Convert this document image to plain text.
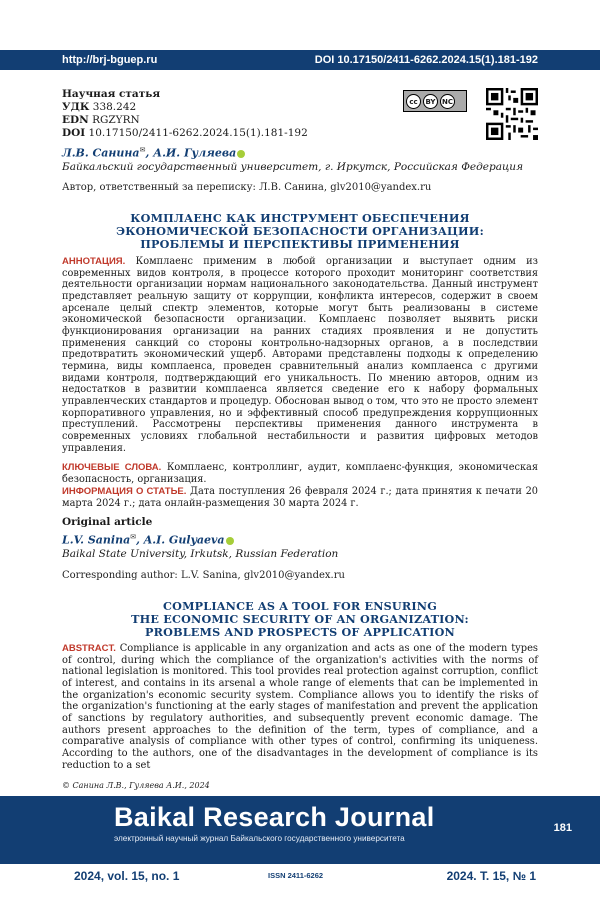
http://brj-bguep.ru	DOI 10.17150/2411-6262.2024.15(1).181-192
Научная статья
УДК 338.242
EDN RGZYRN
DOI 10.17150/2411-6262.2024.15(1).181-192
cc	BY NC
Л.В. Санина✉, А.И. Гуляева
Байкальский государственный университет, г. Иркутск, Российская Федерация
Автор, ответственный за переписку: Л.В. Санина, glv2010@yandex.ru
КОМПЛАЕНС КАК ИНСТРУМЕНТ ОБЕСПЕЧЕНИЯ
ЭКОНОМИЧЕСКОЙ БЕЗОПАСНОСТИ ОРГАНИЗАЦИИ:
ПРОБЛЕМЫ И ПЕРСПЕКТИВЫ ПРИМЕНЕНИЯ
АННОТАЦИЯ. Комплаенс применим в любой организации и выступает одним из современных видов контроля, в процессе которого проходит мониторинг соответствия деятельности организации нормам национального законодательства. Данный инструмент представляет реальную защиту от коррупции, конфликта интересов, содержит в своем арсенале целый спектр элементов, которые могут быть реализованы в системе экономической безопасности организации. Комплаенс позволяет выявить риски функционирования организации на ранних стадиях проявления и не допустить применения санкций со стороны контрольно-надзорных органов, а в последствии предотвратить экономический ущерб. Авторами представлены подходы к определению термина, виды комплаенса, проведен сравнительный анализ комплаенса с другими видами контроля, подтверждающий его уникальность. По мнению авторов, одним из недостатков в развитии комплаенса является сведение его к набору формальных управленческих стандартов и процедур. Обоснован вывод о том, что это не просто элемент корпоративного управления, но и эффективный способ предупреждения коррупционных преступлений. Рассмотрены перспективы применения данного инструмента в современных условиях глобальной нестабильности и развития цифровых методов управления.
КЛЮЧЕВЫЕ СЛОВА. Комплаенс, контроллинг, аудит, комплаенс-функция, экономическая безопасность, организация.
ИНФОРМАЦИЯ О СТАТЬЕ. Дата поступления 26 февраля 2024 г.; дата принятия к печати 20 марта 2024 г.; дата онлайн-размещения 30 марта 2024 г.
Original article
L.V. Sanina✉, A.I. Gulyaeva
Baikal State University, Irkutsk, Russian Federation
Corresponding author: L.V. Sanina, glv2010@yandex.ru
COMPLIANCE AS A TOOL FOR ENSURING
THE ECONOMIC SECURITY OF AN ORGANIZATION:
PROBLEMS AND PROSPECTS OF APPLICATION
ABSTRACT. Compliance is applicable in any organization and acts as one of the modern types of control, during which the compliance of the organization's activities with the norms of national legislation is monitored. This tool provides real protection against corruption, conflict of interest, and contains in its arsenal a whole range of elements that can be implemented in the organization's economic security system. Compliance allows you to identify the risks of the organization's functioning at the early stages of manifestation and prevent the application of sanctions by regulatory authorities, and subsequently prevent economic damage. The authors present approaches to the definition of the term, types of compliance, and a comparative analysis of compliance with other types of control, confirming its uniqueness. According to the authors, one of the disadvantages in the development of compliance is its reduction to a set
© Санина Л.В., Гуляева А.И., 2024
Baikal Research Journal
электронный научный журнал Байкальского государственного университета
181
2024, vol. 15, no. 1	ISSN 2411-6262	2024. Т. 15, № 1
